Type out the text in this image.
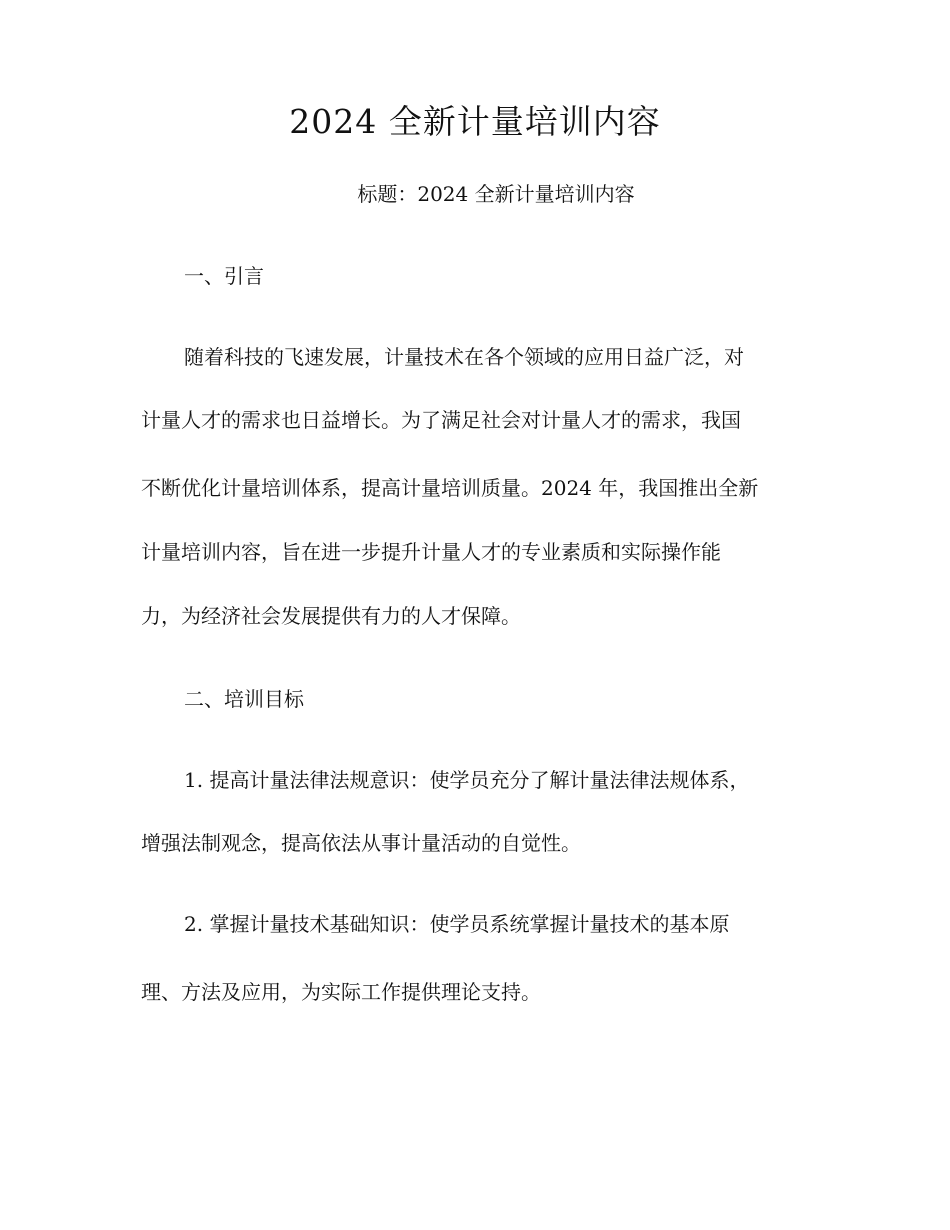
2024 全新计量培训内容
标题：2024 全新计量培训内容
一、引言
随着科技的飞速发展，计量技术在各个领域的应用日益广泛，对
计量人才的需求也日益增长。为了满足社会对计量人才的需求，我国
不断优化计量培训体系，提高计量培训质量。2024 年，我国推出全新
计量培训内容，旨在进一步提升计量人才的专业素质和实际操作能
力，为经济社会发展提供有力的人才保障。
二、培训目标
1. 提高计量法律法规意识：使学员充分了解计量法律法规体系，
增强法制观念，提高依法从事计量活动的自觉性。
2. 掌握计量技术基础知识：使学员系统掌握计量技术的基本原
理、方法及应用，为实际工作提供理论支持。
